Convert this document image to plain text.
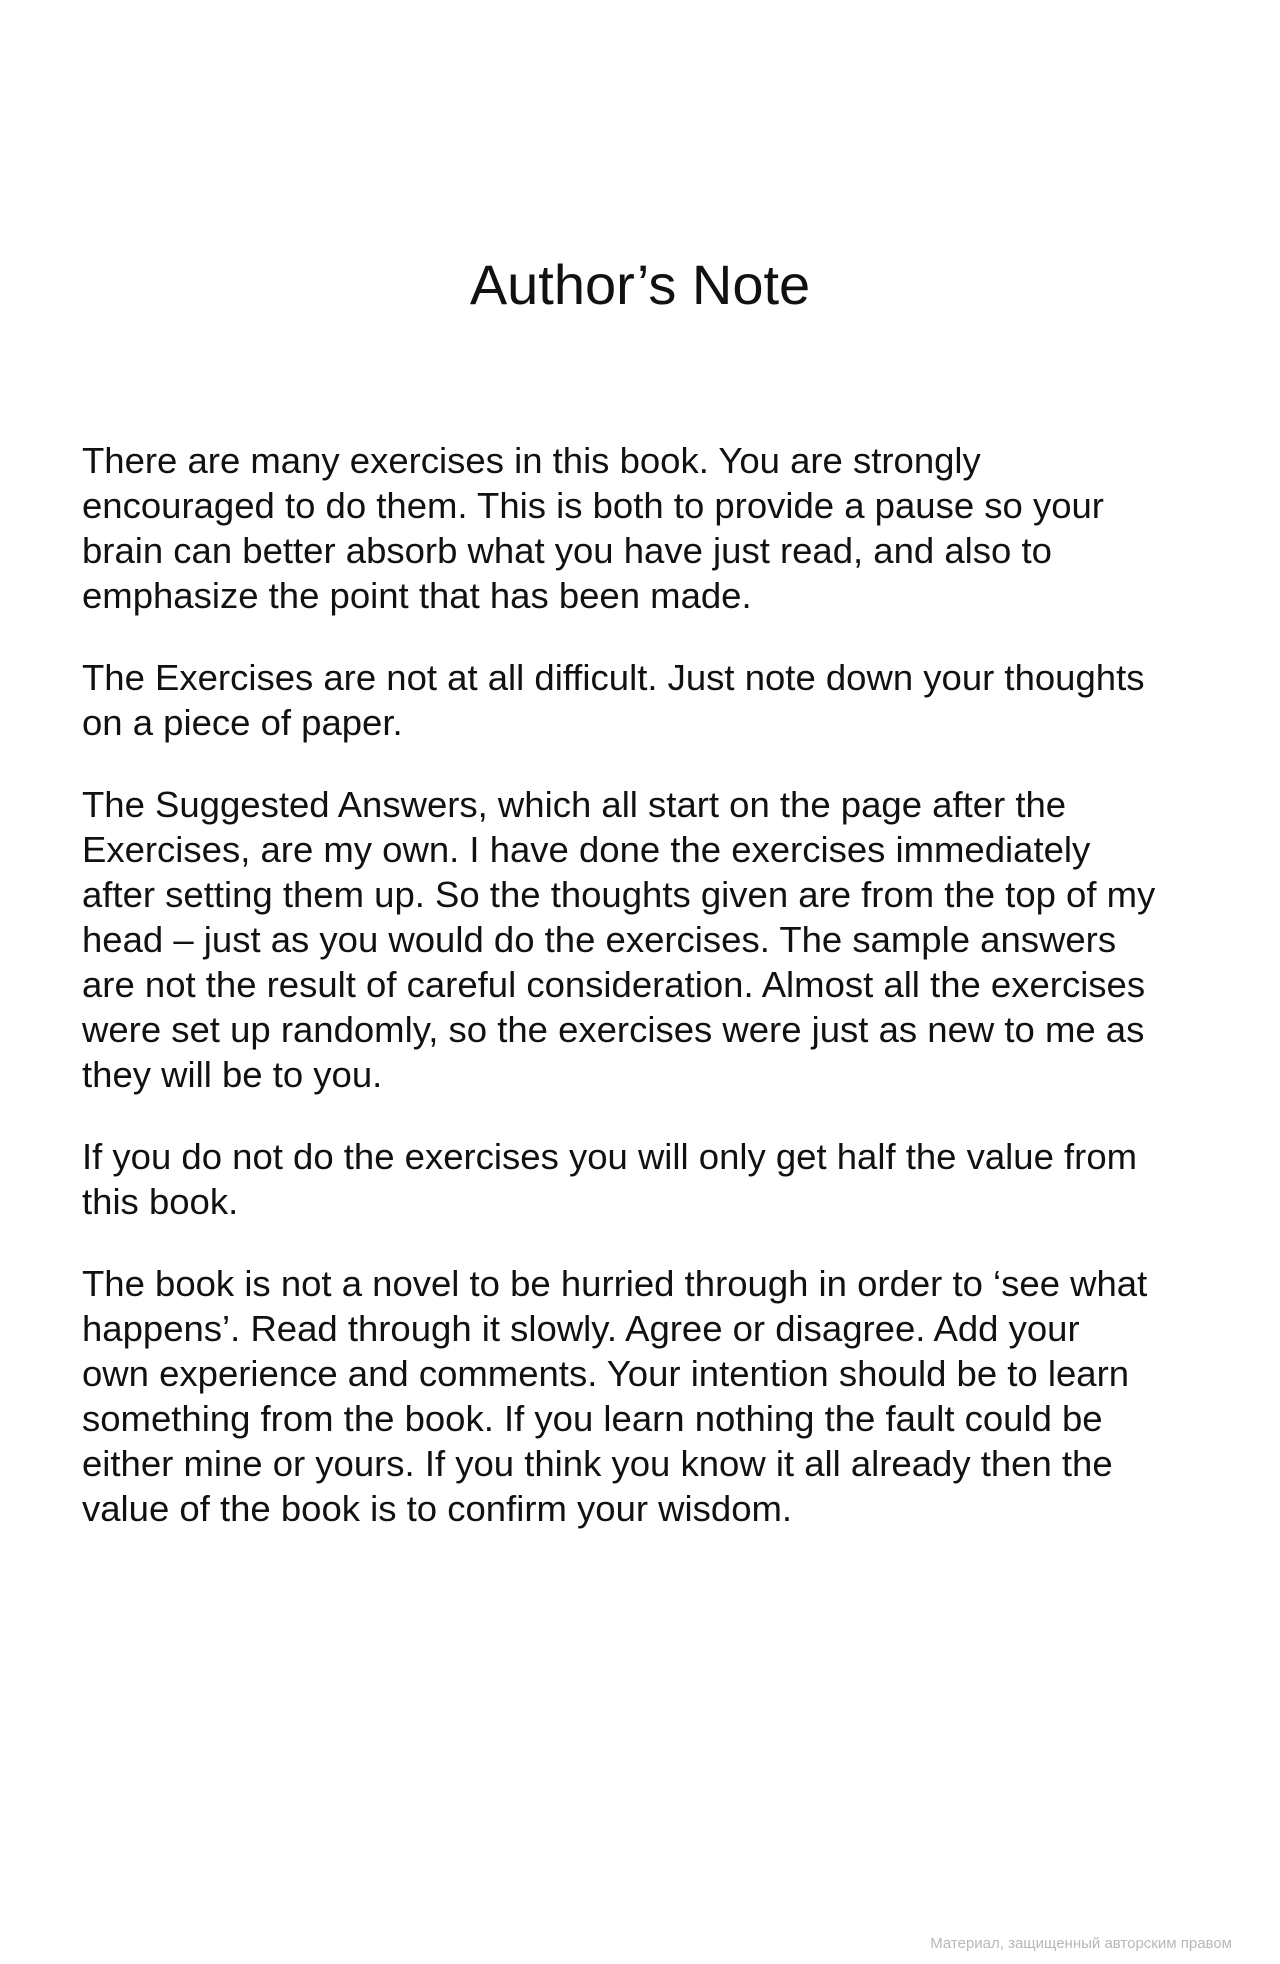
Author’s Note

There are many exercises in this book. You are strongly
encouraged to do them. This is both to provide a pause so your
brain can better absorb what you have just read, and also to
emphasize the point that has been made.

The Exercises are not at all difficult. Just note down your thoughts
on a piece of paper.

The Suggested Answers, which all start on the page after the
Exercises, are my own. I have done the exercises immediately
after setting them up. So the thoughts given are from the top of my
head – just as you would do the exercises. The sample answers
are not the result of careful consideration. Almost all the exercises
were set up randomly, so the exercises were just as new to me as
they will be to you.

If you do not do the exercises you will only get half the value from
this book.

The book is not a novel to be hurried through in order to ‘see what
happens’. Read through it slowly. Agree or disagree. Add your
own experience and comments. Your intention should be to learn
something from the book. If you learn nothing the fault could be
either mine or yours. If you think you know it all already then the
value of the book is to confirm your wisdom.

Материал, защищенный авторским правом
